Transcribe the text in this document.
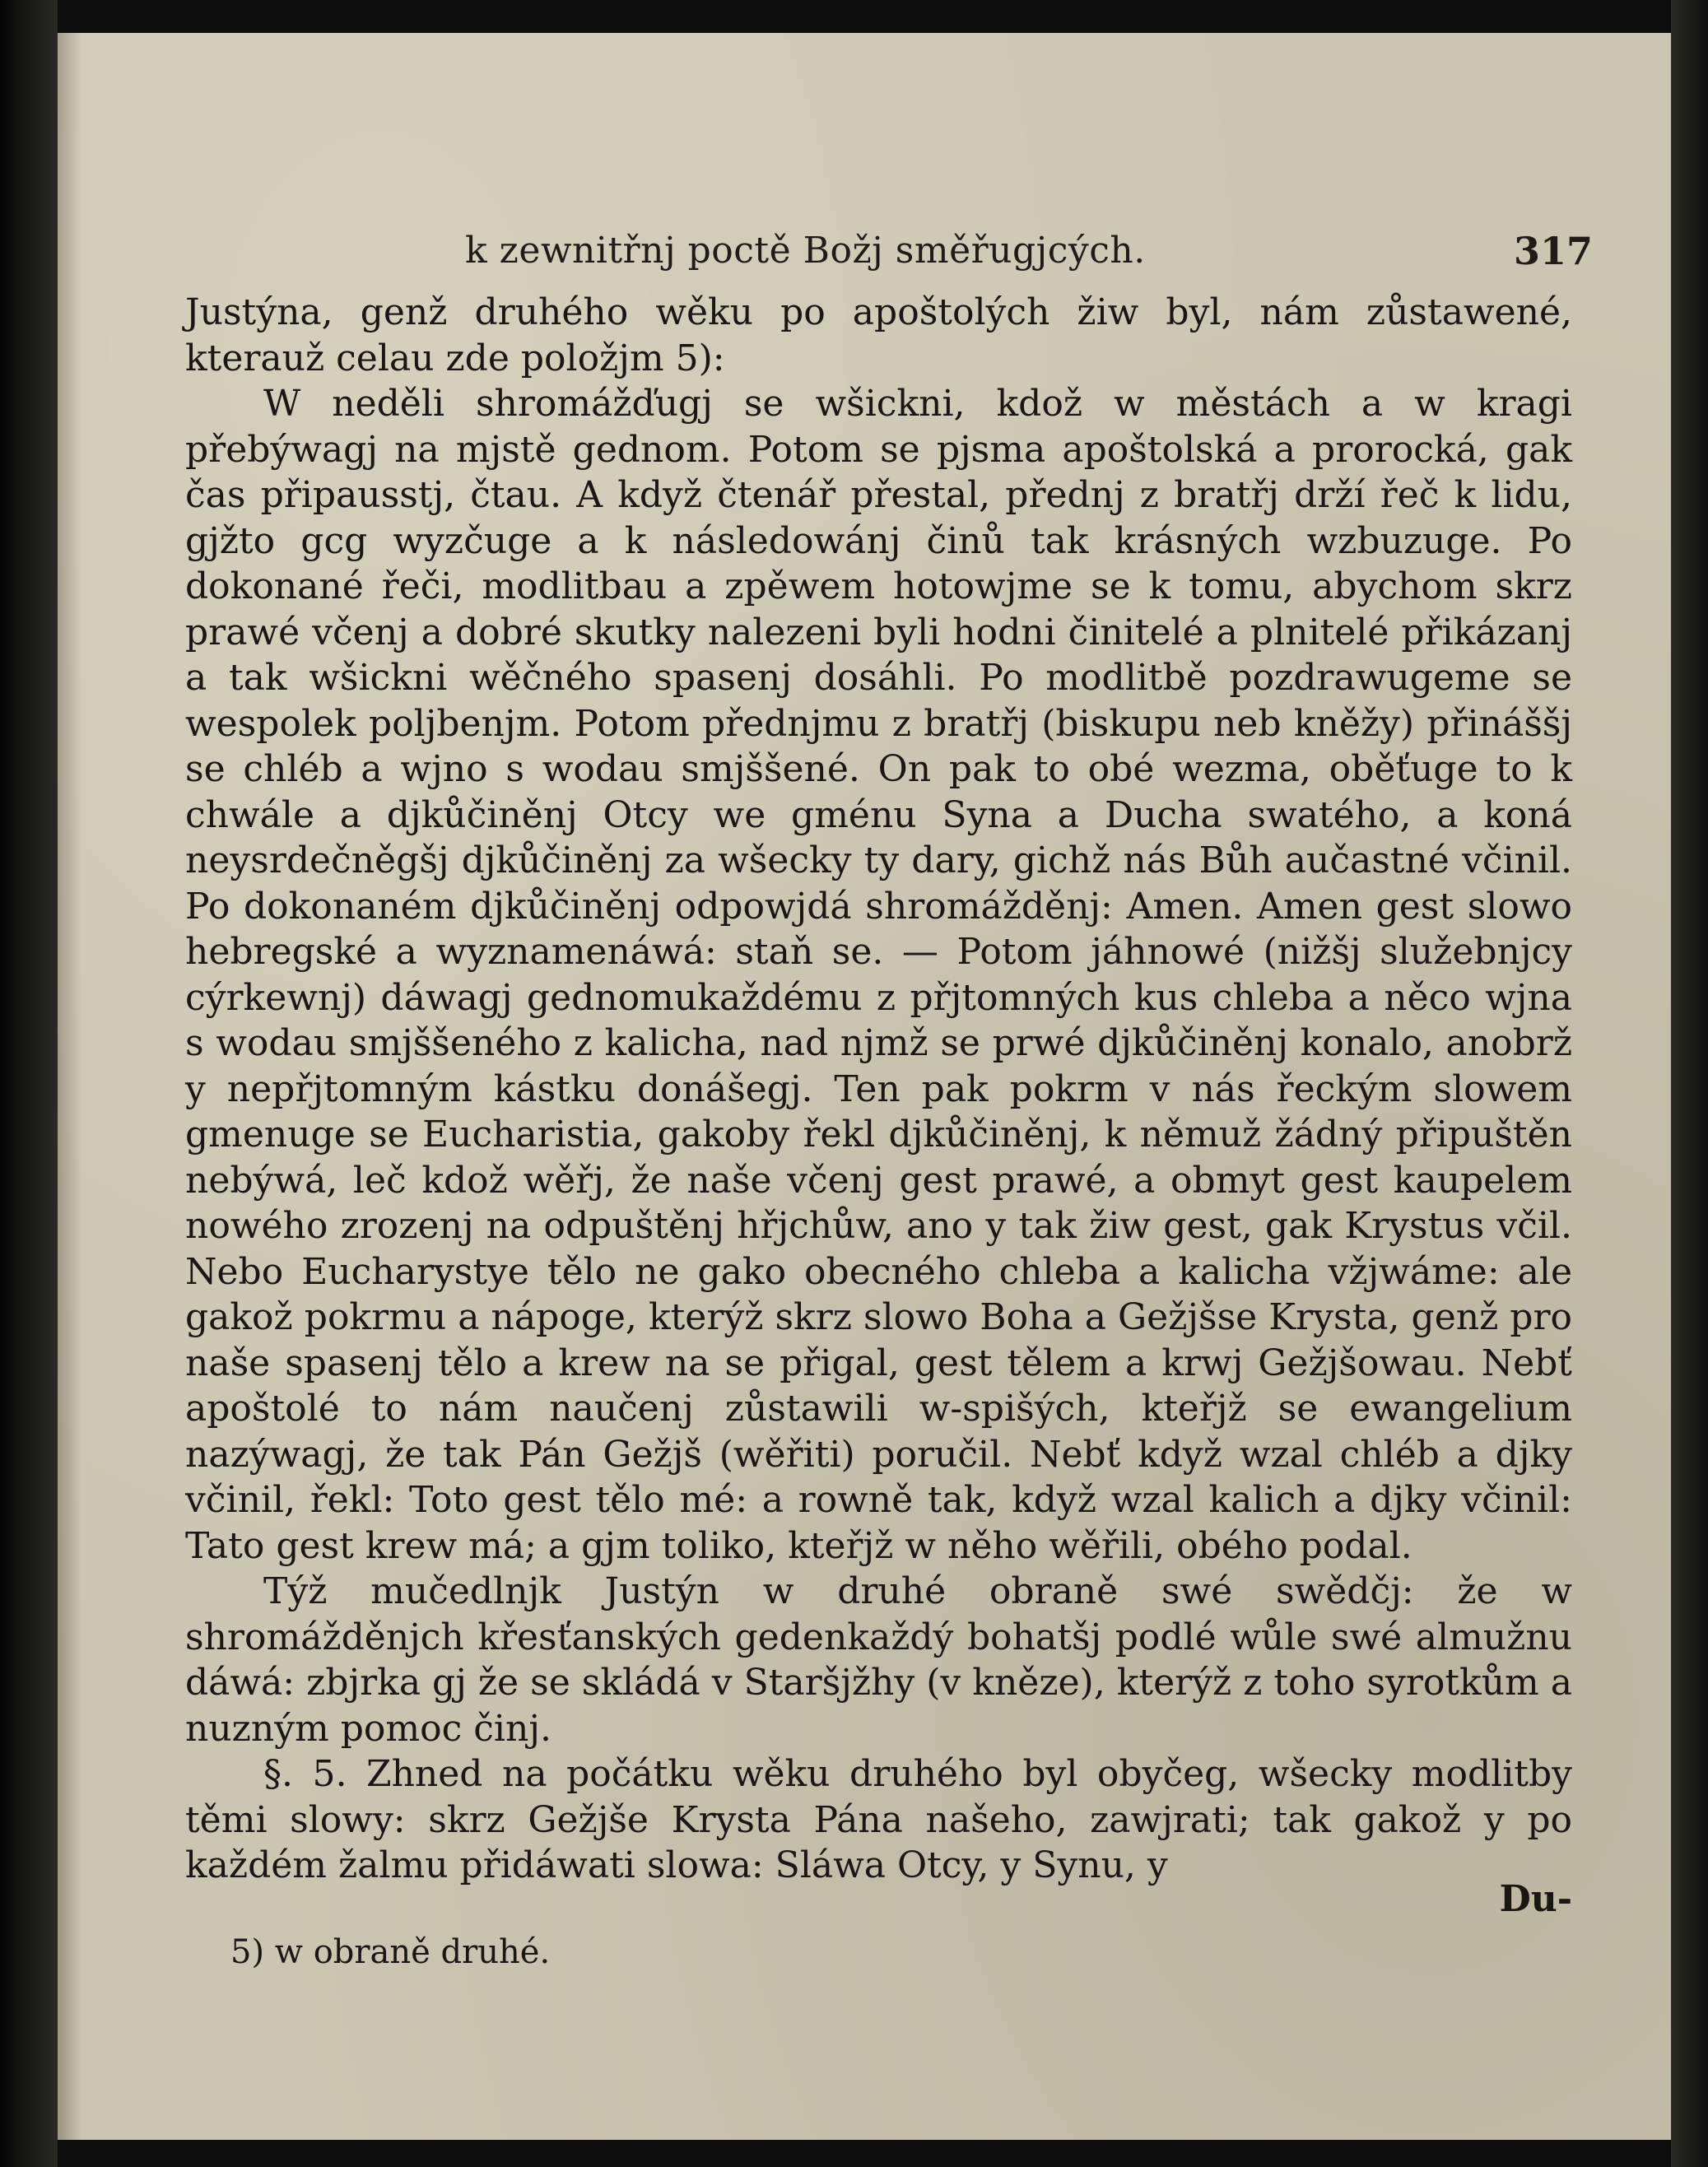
k zewnitřnj poctě Božj směřugjcých.	317

Justýna, genž druhého wěku po apoštolých žiw byl, nám zůstawené, kterauž celau zde položjm 5):

W neděli shromážďugj se wšickni, kdož w městách a w kragi přebýwagj na mjstě gednom. Potom se pjsma apoštolská a prorocká, gak čas připausstj, čtau. A když čtenář přestal, přednj z bratřj drží řeč k lidu, gjžto gcg wyzčuge a k následowánj činů tak krásných wzbuzuge. Po dokonané řeči, modlitbau a zpěwem hotowjme se k tomu, abychom skrz prawé včenj a dobré skutky nalezeni byli hodni činitelé a plnitelé přikázanj a tak wšickni wěčného spasenj dosáhli. Po modlitbě pozdrawugeme se wespolek poljbenjm. Potom přednjmu z bratřj (biskupu neb kněžy) přináššj se chléb a wjno s wodau smjššené. On pak to obé wezma, oběťuge to k chwále a djkůčiněnj Otcy we gménu Syna a Ducha swatého, a koná neysrdečněgšj djkůčiněnj za wšecky ty dary, gichž nás Bůh aučastné včinil. Po dokonaném djkůčiněnj odpowjdá shromážděnj: Amen. Amen gest slowo hebregské a wyznamenáwá: staň se. — Potom jáhnowé (nižšj služebnjcy cýrkewnj) dáwagj gednomukaždému z přjtomných kus chleba a něco wjna s wodau smjššeného z kalicha, nad njmž se prwé djkůčiněnj konalo, anobrž y nepřjtomným kástku donášegj. Ten pak pokrm v nás řeckým slowem gmenuge se Eucharistia, gakoby řekl djkůčiněnj, k němuž žádný připuštěn nebýwá, leč kdož wěřj, že naše včenj gest prawé, a obmyt gest kaupelem nowého zrozenj na odpuštěnj hřjchůw, ano y tak žiw gest, gak Krystus včil. Nebo Eucharystye tělo ne gako obecného chleba a kalicha vžjwáme: ale gakož pokrmu a nápoge, kterýž skrz slowo Boha a Gežjšse Krysta, genž pro naše spasenj tělo a krew na se přigal, gest tělem a krwj Gežjšowau. Nebť apoštolé to nám naučenj zůstawili w-spišých, kteřjž se ewangelium nazýwagj, že tak Pán Gežjš (wěřiti) poručil. Nebť když wzal chléb a djky včinil, řekl: Toto gest tělo mé: a rowně tak, když wzal kalich a djky včinil: Tato gest krew má; a gjm toliko, kteřjž w něho wěřili, obého podal.

Týž mučedlnjk Justýn w druhé obraně swé swědčj: že w shromážděnjch křesťanských gedenkaždý bohatšj podlé wůle swé almužnu dáwá: zbjrka gj že se skládá v Staršjžhy (v kněze), kterýž z toho syrotkům a nuzným pomoc činj.

§. 5. Zhned na počátku wěku druhého byl obyčeg, wšecky modlitby těmi slowy: skrz Gežjše Krysta Pána našeho, zawjrati; tak gakož y po každém žalmu přidáwati slowa: Sláwa Otcy, y Synu, y

Du-
5) w obraně druhé.
